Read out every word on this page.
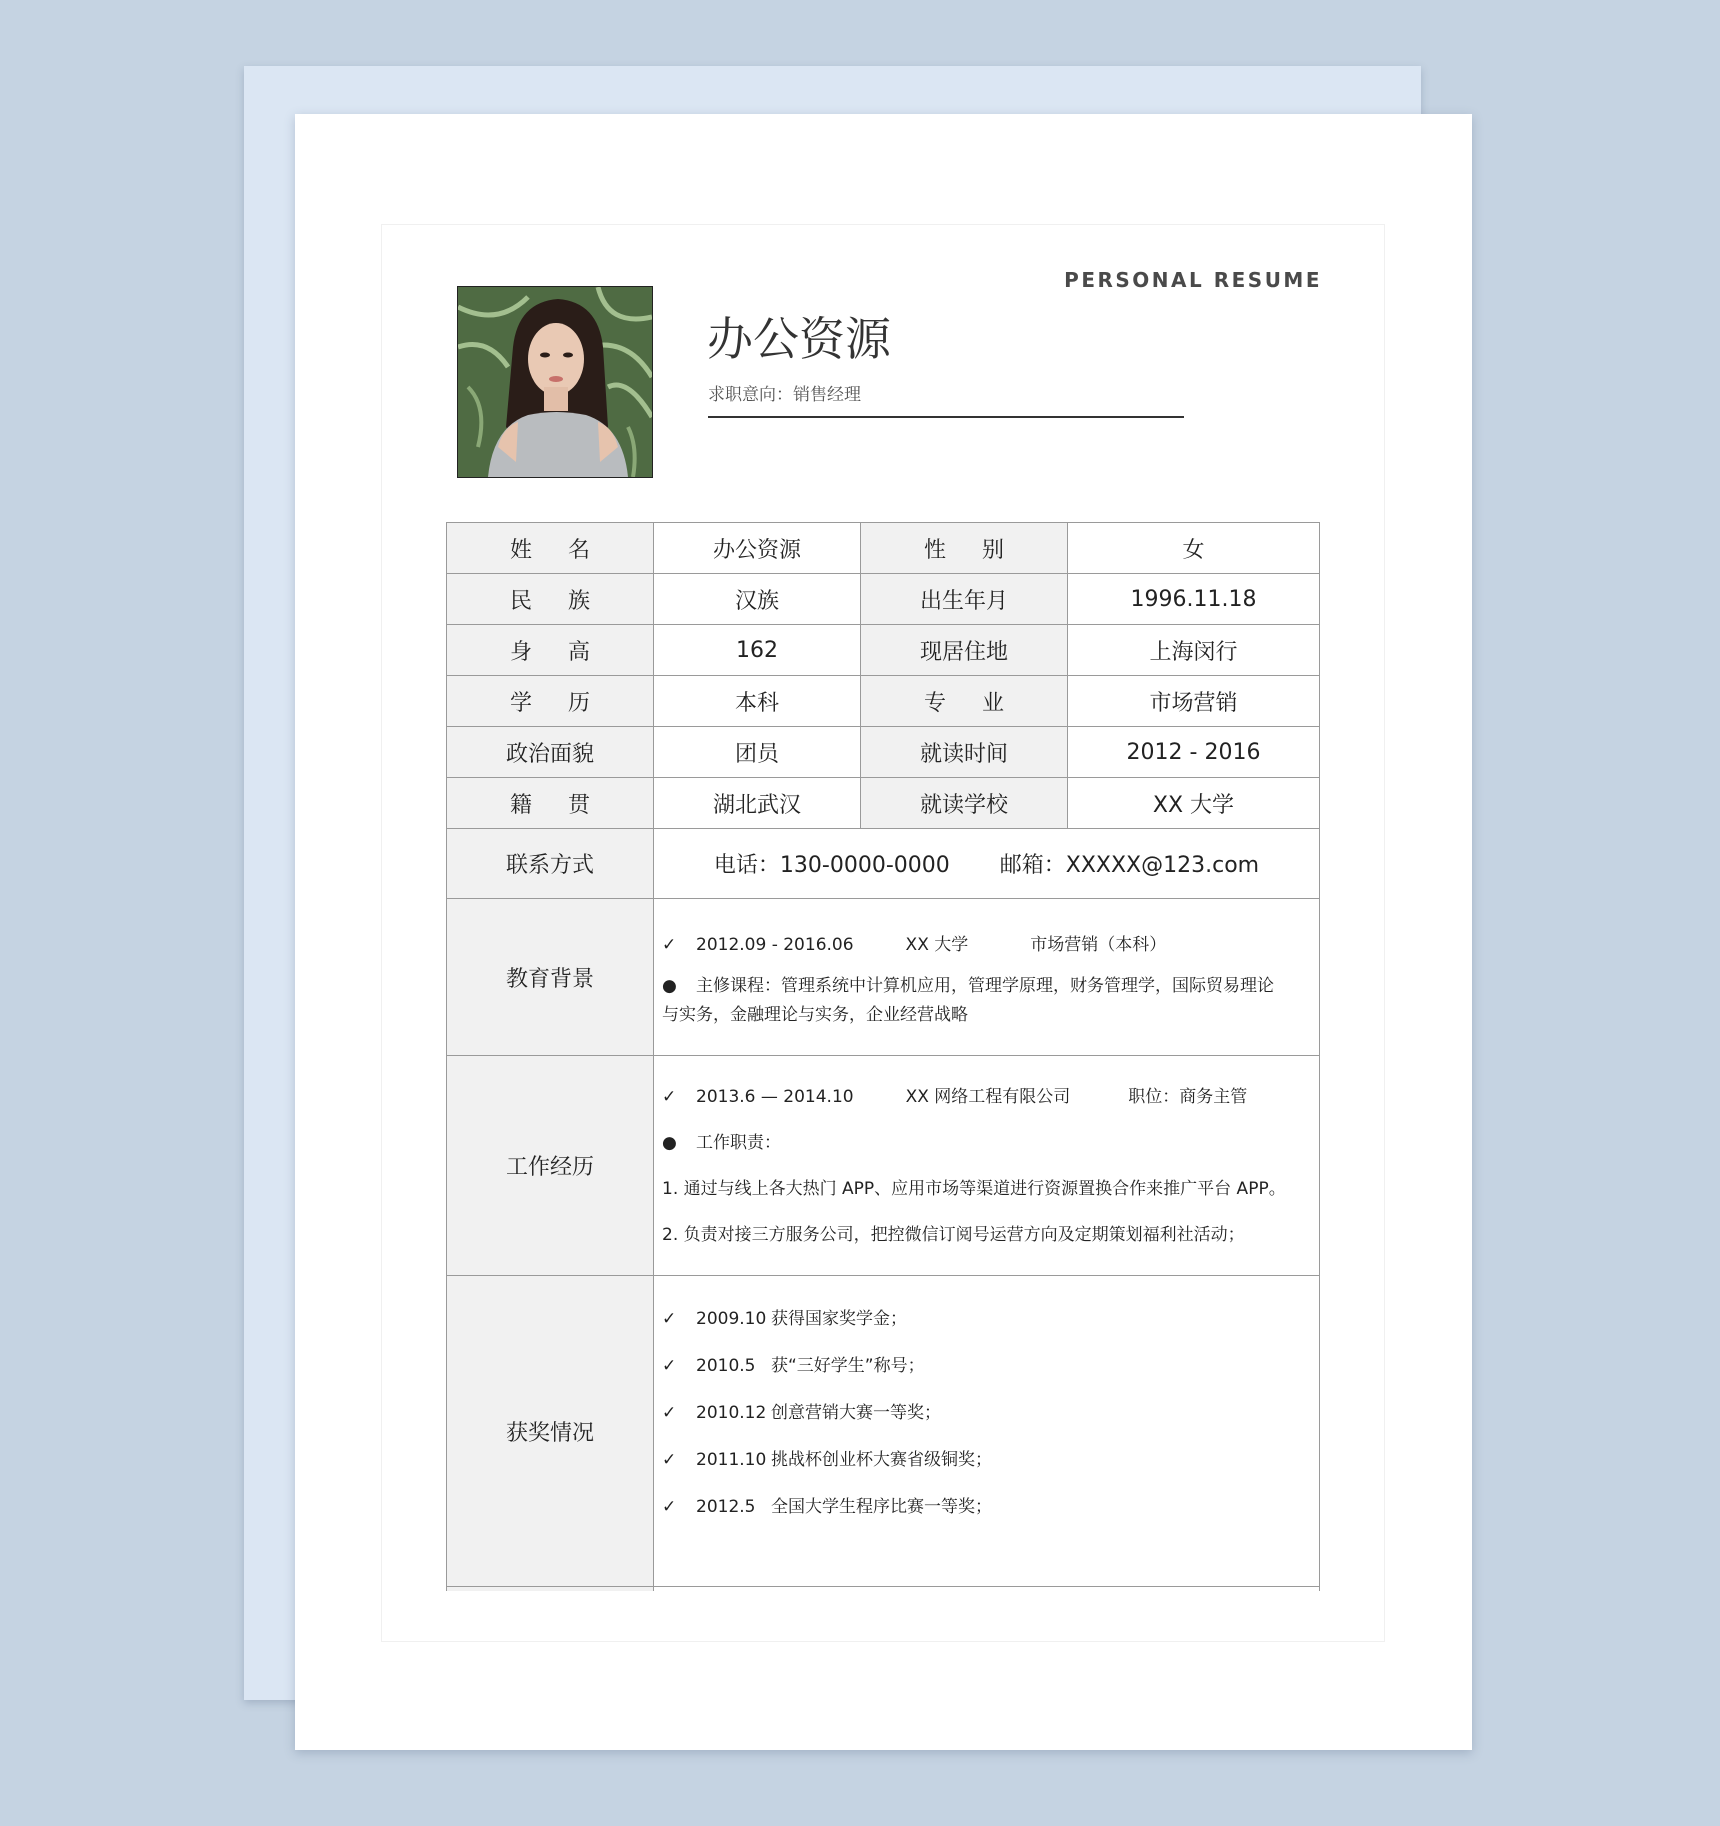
PERSONAL RESUME
办公资源
求职意向：销售经理
姓名	办公资源	性别	女
民族	汉族	出生年月	1996.11.18
身高	162	现居住地	上海闵行
学历	本科	专业	市场营销
政治面貌	团员	就读时间	2012 - 2016
籍贯	湖北武汉	就读学校	XX 大学
联系方式	电话：130-0000-0000 邮箱：XXXXX@123.com		

教育背景	✓ 2012.09 - 2016.06 XX 大学 市场营销（本科）
● 主修课程：管理系统中计算机应用，管理学原理，财务管理学，国际贸易理论
与实务，金融理论与实务，企业经营战略		

工作经历	✓ 2013.6 — 2014.10 XX 网络工程有限公司 职位：商务主管
● 工作职责：
1. 通过与线上各大热门 APP、应用市场等渠道进行资源置换合作来推广平台 APP。
2. 负责对接三方服务公司，把控微信订阅号运营方向及定期策划福利社活动；		

获奖情况	✓ 2009.10 获得国家奖学金；
✓ 2010.5 获“三好学生”称号；
✓ 2010.12 创意营销大赛一等奖；
✓ 2011.10 挑战杯创业杯大赛省级铜奖；
✓ 2012.5 全国大学生程序比赛一等奖；		
